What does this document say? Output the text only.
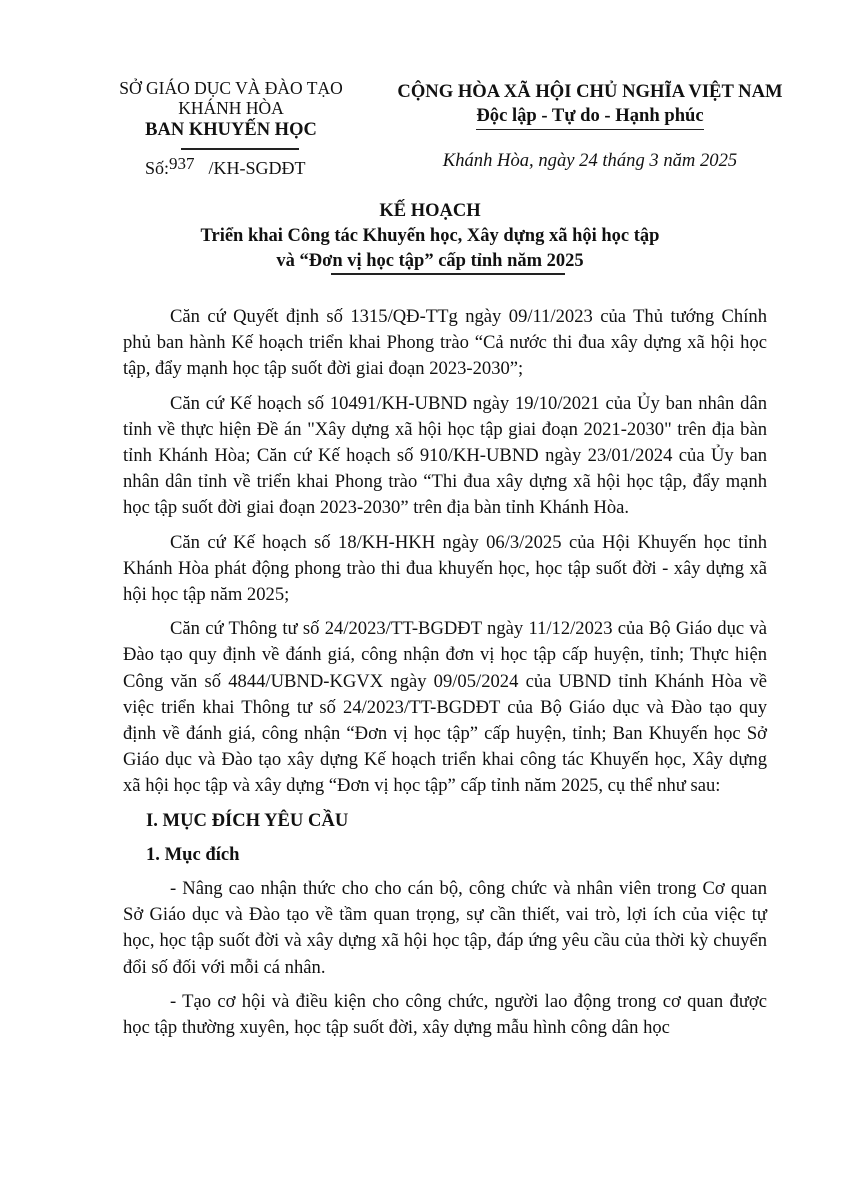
SỞ GIÁO DỤC VÀ ĐÀO TẠO
KHÁNH HÒA
BAN KHUYẾN HỌC
Số:937 /KH-SGDĐT
CỘNG HÒA XÃ HỘI CHỦ NGHĨA VIỆT NAM
Độc lập - Tự do - Hạnh phúc
Khánh Hòa, ngày 24 tháng 3 năm 2025
KẾ HOẠCH
Triển khai Công tác Khuyến học, Xây dựng xã hội học tập
và “Đơn vị học tập” cấp tỉnh năm 2025

Căn cứ Quyết định số 1315/QĐ-TTg ngày 09/11/2023 của Thủ tướng Chính phủ ban hành Kế hoạch triển khai Phong trào “Cả nước thi đua xây dựng xã hội học tập, đẩy mạnh học tập suốt đời giai đoạn 2023-2030”;

Căn cứ Kế hoạch số 10491/KH-UBND ngày 19/10/2021 của Ủy ban nhân dân tỉnh về thực hiện Đề án "Xây dựng xã hội học tập giai đoạn 2021-2030" trên địa bàn tỉnh Khánh Hòa; Căn cứ Kế hoạch số 910/KH-UBND ngày 23/01/2024 của Ủy ban nhân dân tỉnh về triển khai Phong trào “Thi đua xây dựng xã hội học tập, đẩy mạnh học tập suốt đời giai đoạn 2023-2030” trên địa bàn tỉnh Khánh Hòa.

Căn cứ Kế hoạch số 18/KH-HKH ngày 06/3/2025 của Hội Khuyến học tỉnh Khánh Hòa phát động phong trào thi đua khuyến học, học tập suốt đời - xây dựng xã hội học tập năm 2025;

Căn cứ Thông tư số 24/2023/TT-BGDĐT ngày 11/12/2023 của Bộ Giáo dục và Đào tạo quy định về đánh giá, công nhận đơn vị học tập cấp huyện, tỉnh; Thực hiện Công văn số 4844/UBND-KGVX ngày 09/05/2024 của UBND tỉnh Khánh Hòa về việc triển khai Thông tư số 24/2023/TT-BGDĐT của Bộ Giáo dục và Đào tạo quy định về đánh giá, công nhận “Đơn vị học tập” cấp huyện, tỉnh; Ban Khuyến học Sở Giáo dục và Đào tạo xây dựng Kế hoạch triển khai công tác Khuyến học, Xây dựng xã hội học tập và xây dựng “Đơn vị học tập” cấp tỉnh năm 2025, cụ thể như sau:

I. MỤC ĐÍCH YÊU CẦU

1. Mục đích

- Nâng cao nhận thức cho cho cán bộ, công chức và nhân viên trong Cơ quan Sở Giáo dục và Đào tạo về tầm quan trọng, sự cần thiết, vai trò, lợi ích của việc tự học, học tập suốt đời và xây dựng xã hội học tập, đáp ứng yêu cầu của thời kỳ chuyển đổi số đối với mỗi cá nhân.

- Tạo cơ hội và điều kiện cho công chức, người lao động trong cơ quan được học tập thường xuyên, học tập suốt đời, xây dựng mẫu hình công dân học
